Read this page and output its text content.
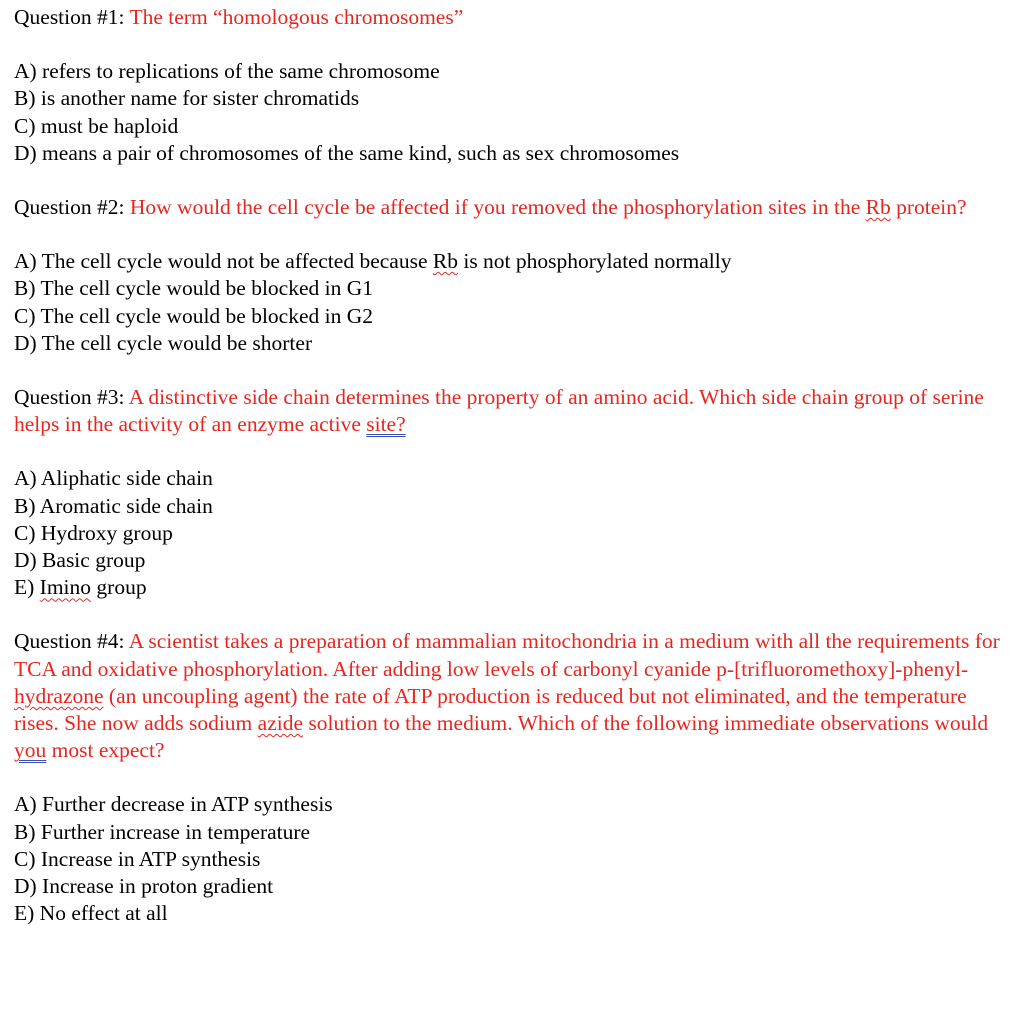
Question #1: The term “homologous chromosomes”

A) refers to replications of the same chromosome

B) is another name for sister chromatids

C) must be haploid

D) means a pair of chromosomes of the same kind, such as sex chromosomes

Question #2: How would the cell cycle be affected if you removed the phosphorylation sites in the Rb protein?

A) The cell cycle would not be affected because Rb is not phosphorylated normally

B) The cell cycle would be blocked in G1

C) The cell cycle would be blocked in G2

D) The cell cycle would be shorter

Question #3: A distinctive side chain determines the property of an amino acid. Which side chain group of serine helps in the activity of an enzyme active site?

A) Aliphatic side chain

B) Aromatic side chain

C) Hydroxy group

D) Basic group

E) Imino group

Question #4: A scientist takes a preparation of mammalian mitochondria in a medium with all the requirements for TCA and oxidative phosphorylation. After adding low levels of carbonyl cyanide p-[trifluoromethoxy]-phenyl-hydrazone (an uncoupling agent) the rate of ATP production is reduced but not eliminated, and the temperature rises. She now adds sodium azide solution to the medium. Which of the following immediate observations would you most expect?

A) Further decrease in ATP synthesis

B) Further increase in temperature

C) Increase in ATP synthesis

D) Increase in proton gradient

E) No effect at all
